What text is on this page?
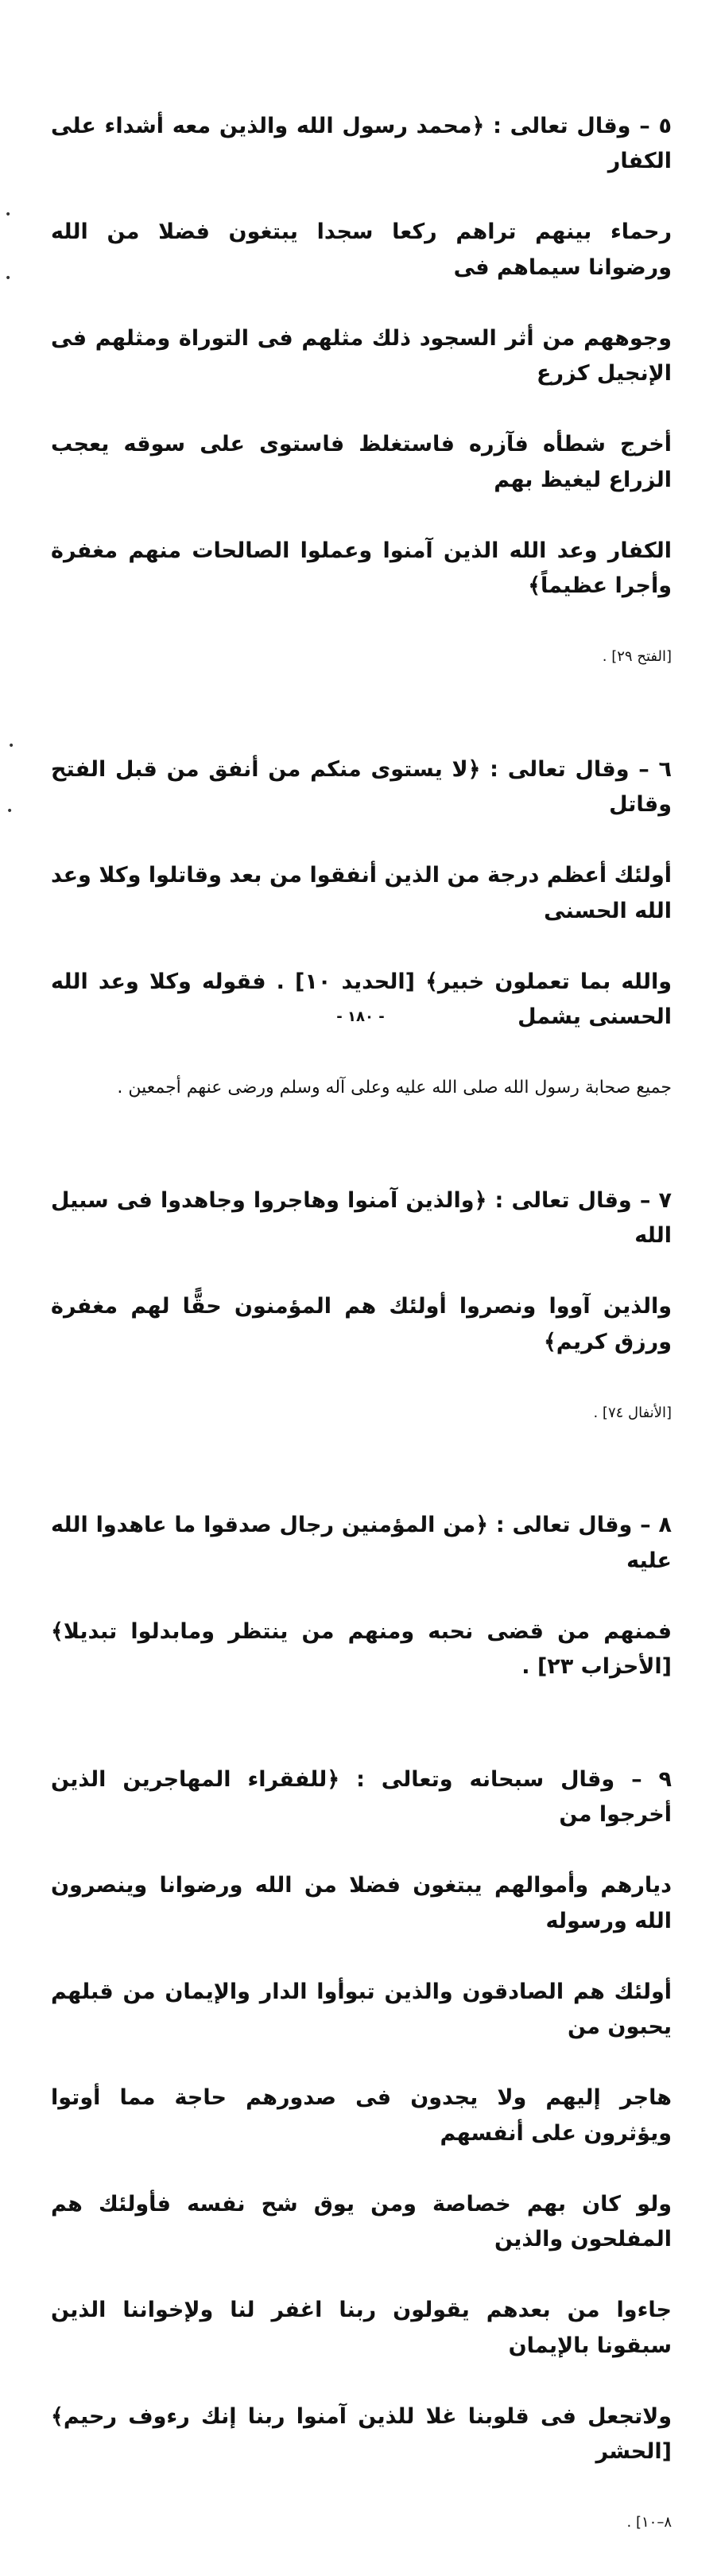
٥ – وقال تعالى : ﴿محمد رسول الله والذين معه أشداء على الكفار

رحماء بينهم تراهم ركعا سجدا يبتغون فضلا من الله ورضوانا سيماهم فى

وجوههم من أثر السجود ذلك مثلهم فى التوراة ومثلهم فى الإنجيل كزرع

أخرج شطأه فآزره فاستغلظ فاستوى على سوقه يعجب الزراع ليغيظ بهم

الكفار وعد الله الذين آمنوا وعملوا الصالحات منهم مغفرة وأجرا عظيماً﴾

[الفتح ٢٩] .

٦ – وقال تعالى : ﴿لا يستوى منكم من أنفق من قبل الفتح وقاتل

أولئك أعظم درجة من الذين أنفقوا من بعد وقاتلوا وكلا وعد الله الحسنى

والله بما تعملون خبير﴾ [الحديد ١٠] . فقوله وكلا وعد الله الحسنى يشمل

جميع صحابة رسول الله صلى الله عليه وعلى آله وسلم ورضى عنهم أجمعين .

٧ – وقال تعالى : ﴿والذين آمنوا وهاجروا وجاهدوا فى سبيل الله

والذين آووا ونصروا أولئك هم المؤمنون حقًّا لهم مغفرة ورزق كريم﴾

[الأنفال ٧٤] .

٨ – وقال تعالى : ﴿من المؤمنين رجال صدقوا ما عاهدوا الله عليه

فمنهم من قضى نحبه ومنهم من ينتظر ومابدلوا تبديلا﴾ [الأحزاب ٢٣] .

٩ – وقال سبحانه وتعالى : ﴿للفقراء المهاجرين الذين أخرجوا من

ديارهم وأموالهم يبتغون فضلا من الله ورضوانا وينصرون الله ورسوله

أولئك هم الصادقون والذين تبوأوا الدار والإيمان من قبلهم يحبون من

هاجر إليهم ولا يجدون فى صدورهم حاجة مما أوتوا ويؤثرون على أنفسهم

ولو كان بهم خصاصة ومن يوق شح نفسه فأولئك هم المفلحون والذين

جاءوا من بعدهم يقولون ربنا اغفر لنا ولإخواننا الذين سبقونا بالإيمان

ولاتجعل فى قلوبنا غلا للذين آمنوا ربنا إنك رءوف رحيم﴾ [الحشر

٨–١٠] .

- ١٨٠ -
•
•
•
•
